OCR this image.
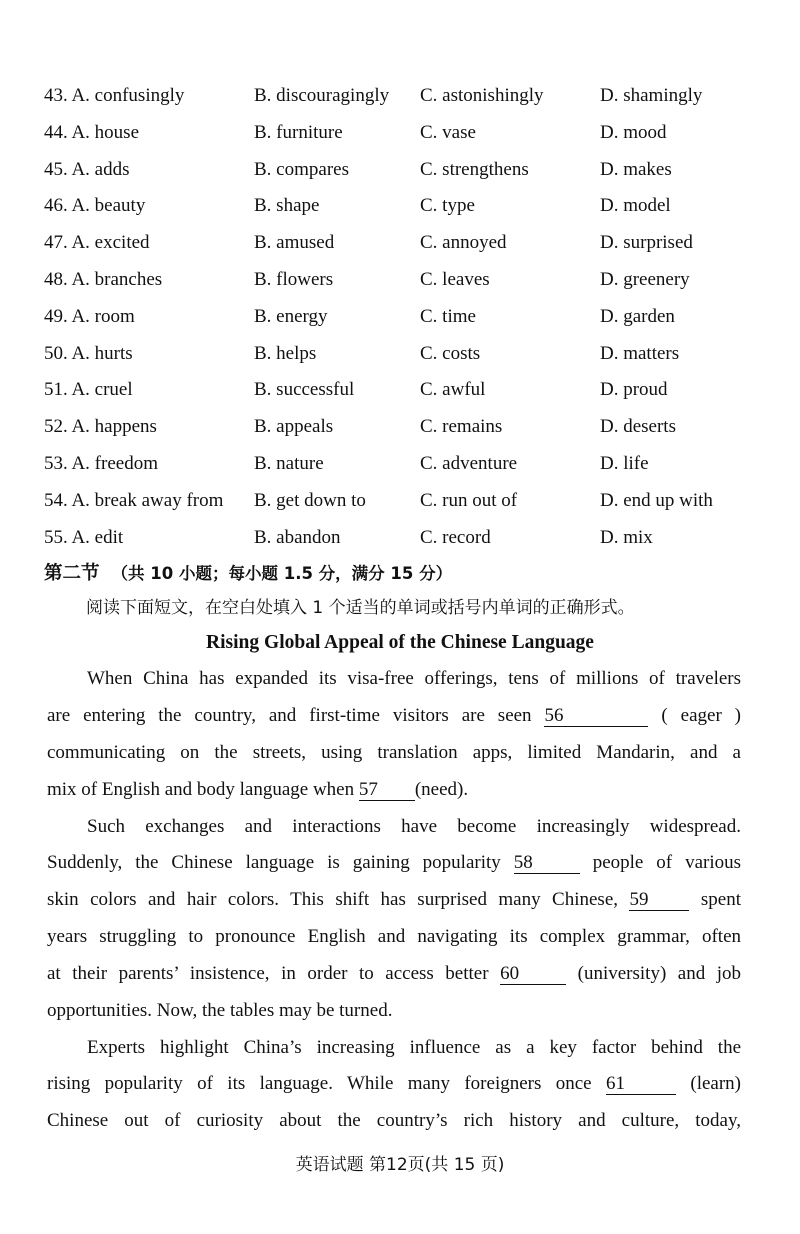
43. A. confusingly	B. discouragingly C. astonishingly	D. shamingly
44. A. house	B. furniture	C. vase	D. mood
45. A. adds	B. compares	C. strengthens	D. makes
46. A. beauty	B. shape	C. type	D. model
47. A. excited	B. amused	C. annoyed	D. surprised
48. A. branches	B. flowers	C. leaves	D. greenery
49. A. room	B. energy	C. time	D. garden
50. A. hurts	B. helps	C. costs	D. matters
51. A. cruel	B. successful	C. awful	D. proud
52. A. happens	B. appeals	C. remains	D. deserts
53. A. freedom	B. nature	C. adventure	D. life
54. A. break away from B. get down to	C. run out of	D. end up with
55. A. edit	B. abandon	C. record	D. mix
第二节 （共 10 小题；每小题 1.5 分，满分 15 分）
阅读下面短文，在空白处填入 1 个适当的单词或括号内单词的正确形式。
Rising Global Appeal of the Chinese Language
When China has expanded its visa-free offerings, tens of millions of travelers
are entering the country, and first-time visitors are seen 56	( eager )
communicating on the streets, using translation apps, limited Mandarin, and a
mix of English and body language when 57 (need).
Such exchanges and interactions have become increasingly widespread.
Suddenly, the Chinese language is gaining popularity 58	people of various
skin colors and hair colors. This shift has surprised many Chinese, 59	spent
years struggling to pronounce English and navigating its complex grammar, often
at their parents’ insistence, in order to access better 60	(university) and job
opportunities. Now, the tables may be turned.
Experts highlight China’s increasing influence as a key factor behind the
rising popularity of its language. While many foreigners once 61	(learn)
Chinese out of curiosity about the country’s rich history and culture, today,
英语试题 第12页(共 15 页)
